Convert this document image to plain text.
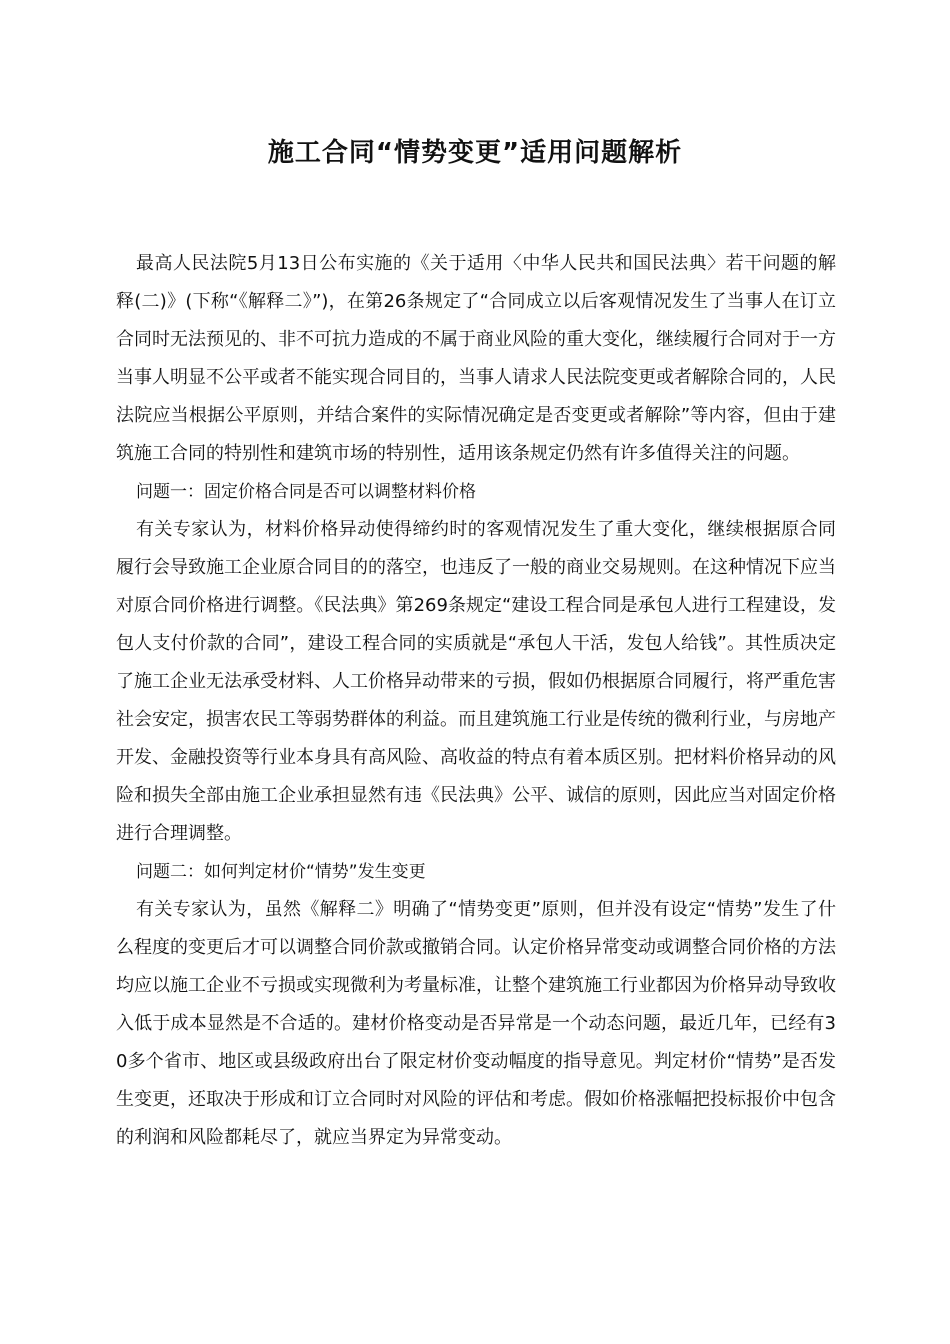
施工合同“情势变更”适用问题解析

最高人民法院5月13日公布实施的《关于适用〈中华人民共和国民法典〉若干问题的解释(二)》(下称“《解释二》”)，在第26条规定了“合同成立以后客观情况发生了当事人在订立合同时无法预见的、非不可抗力造成的不属于商业风险的重大变化，继续履行合同对于一方当事人明显不公平或者不能实现合同目的，当事人请求人民法院变更或者解除合同的，人民法院应当根据公平原则，并结合案件的实际情况确定是否变更或者解除”等内容，但由于建筑施工合同的特别性和建筑市场的特别性，适用该条规定仍然有许多值得关注的问题。

问题一：固定价格合同是否可以调整材料价格

有关专家认为，材料价格异动使得缔约时的客观情况发生了重大变化，继续根据原合同履行会导致施工企业原合同目的的落空，也违反了一般的商业交易规则。在这种情况下应当对原合同价格进行调整。《民法典》第269条规定“建设工程合同是承包人进行工程建设，发包人支付价款的合同”，建设工程合同的实质就是“承包人干活，发包人给钱”。其性质决定了施工企业无法承受材料、人工价格异动带来的亏损，假如仍根据原合同履行，将严重危害社会安定，损害农民工等弱势群体的利益。而且建筑施工行业是传统的微利行业，与房地产开发、金融投资等行业本身具有高风险、高收益的特点有着本质区别。把材料价格异动的风险和损失全部由施工企业承担显然有违《民法典》公平、诚信的原则，因此应当对固定价格进行合理调整。

问题二：如何判定材价“情势”发生变更

有关专家认为，虽然《解释二》明确了“情势变更”原则，但并没有设定“情势”发生了什么程度的变更后才可以调整合同价款或撤销合同。认定价格异常变动或调整合同价格的方法均应以施工企业不亏损或实现微利为考量标准，让整个建筑施工行业都因为价格异动导致收入低于成本显然是不合适的。建材价格变动是否异常是一个动态问题，最近几年，已经有30多个省市、地区或县级政府出台了限定材价变动幅度的指导意见。判定材价“情势”是否发生变更，还取决于形成和订立合同时对风险的评估和考虑。假如价格涨幅把投标报价中包含的利润和风险都耗尽了，就应当界定为异常变动。
